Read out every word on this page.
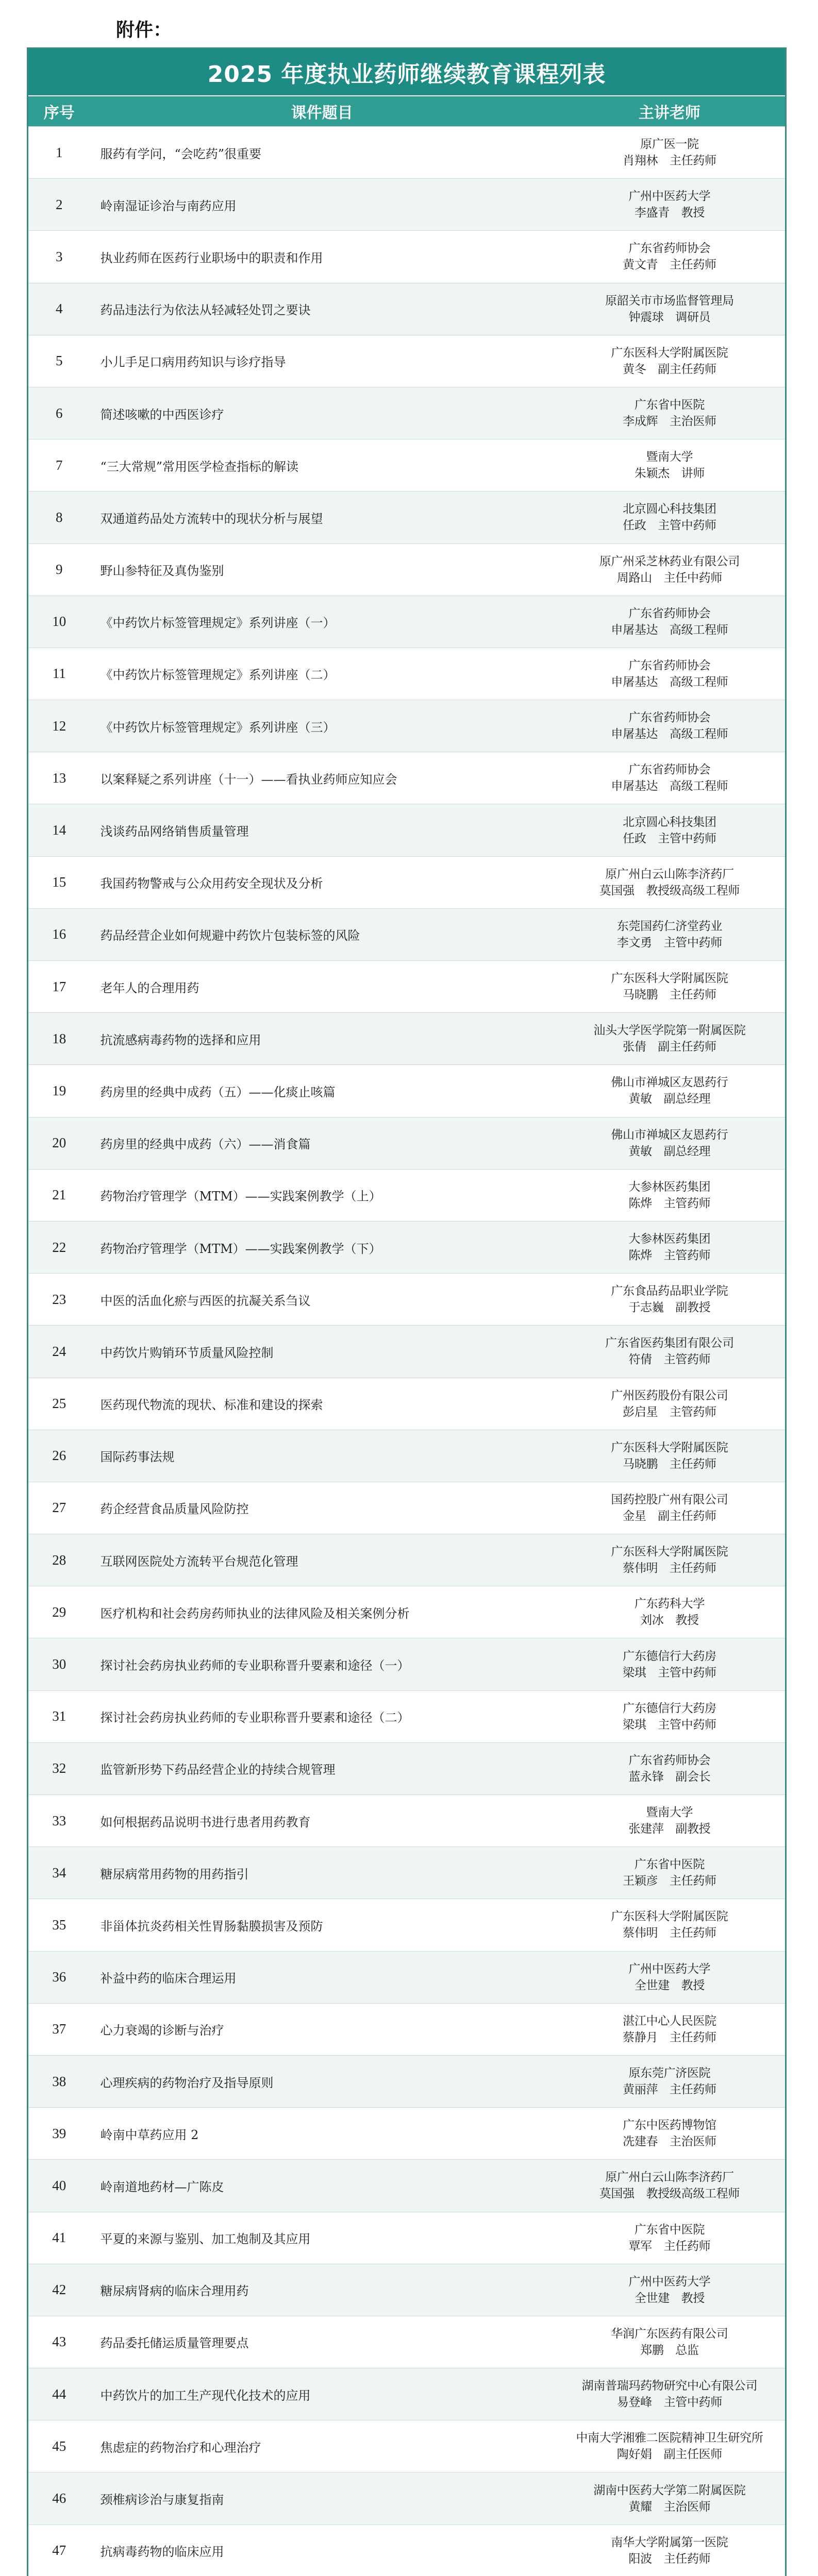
附件：
2025 年度执业药师继续教育课程列表
序号	课件题目	主讲老师
1	服药有学问，“会吃药”很重要
原广医一院
肖翔林　主任药师
2	岭南湿证诊治与南药应用
广州中医药大学
李盛青　教授
3	执业药师在医药行业职场中的职责和作用
广东省药师协会
黄文青　主任药师
4	药品违法行为依法从轻减轻处罚之要诀
原韶关市市场监督管理局
钟震球　调研员
5	小儿手足口病用药知识与诊疗指导
广东医科大学附属医院
黄冬　副主任药师
6	简述咳嗽的中西医诊疗
广东省中医院
李成辉　主治医师
7	“三大常规”常用医学检查指标的解读
暨南大学
朱颖杰　讲师
8	双通道药品处方流转中的现状分析与展望
北京圆心科技集团
任政　主管中药师
9	野山参特征及真伪鉴别
原广州采芝林药业有限公司
周路山　主任中药师
10	《中药饮片标签管理规定》系列讲座（一）
广东省药师协会
申屠基达　高级工程师
11	《中药饮片标签管理规定》系列讲座（二）
广东省药师协会
申屠基达　高级工程师
12	《中药饮片标签管理规定》系列讲座（三）
广东省药师协会
申屠基达　高级工程师
13	以案释疑之系列讲座（十一）——看执业药师应知应会
广东省药师协会
申屠基达　高级工程师
14	浅谈药品网络销售质量管理
北京圆心科技集团
任政　主管中药师
15	我国药物警戒与公众用药安全现状及分析
原广州白云山陈李济药厂
莫国强　教授级高级工程师
16	药品经营企业如何规避中药饮片包装标签的风险
东莞国药仁济堂药业
李文勇　主管中药师
17	老年人的合理用药
广东医科大学附属医院
马晓鹏　主任药师
18	抗流感病毒药物的选择和应用
汕头大学医学院第一附属医院
张倩　副主任药师
19	药房里的经典中成药（五）——化痰止咳篇
佛山市禅城区友恩药行
黄敏　副总经理
20	药房里的经典中成药（六）——消食篇
佛山市禅城区友恩药行
黄敏　副总经理
21	药物治疗管理学（MTM）——实践案例教学（上）
大参林医药集团
陈烨　主管药师
22	药物治疗管理学（MTM）——实践案例教学（下）
大参林医药集团
陈烨　主管药师
23	中医的活血化瘀与西医的抗凝关系刍议
广东食品药品职业学院
于志巍　副教授
24	中药饮片购销环节质量风险控制
广东省医药集团有限公司
符倩　主管药师
25	医药现代物流的现状、标准和建设的探索
广州医药股份有限公司
彭启星　主管药师
26	国际药事法规
广东医科大学附属医院
马晓鹏　主任药师
27	药企经营食品质量风险防控
国药控股广州有限公司
金星　副主任药师
28	互联网医院处方流转平台规范化管理
广东医科大学附属医院
蔡伟明　主任药师
29	医疗机构和社会药房药师执业的法律风险及相关案例分析
广东药科大学
刘冰　教授
30	探讨社会药房执业药师的专业职称晋升要素和途径（一）
广东德信行大药房
梁琪　主管中药师
31	探讨社会药房执业药师的专业职称晋升要素和途径（二）
广东德信行大药房
梁琪　主管中药师
32	监管新形势下药品经营企业的持续合规管理
广东省药师协会
蓝永锋　副会长
33	如何根据药品说明书进行患者用药教育
暨南大学
张建萍　副教授
34	糖尿病常用药物的用药指引
广东省中医院
王颖彦　主任药师
35	非甾体抗炎药相关性胃肠黏膜损害及预防
广东医科大学附属医院
蔡伟明　主任药师
36	补益中药的临床合理运用
广州中医药大学
全世建　教授
37	心力衰竭的诊断与治疗
湛江中心人民医院
蔡静月　主任药师
38	心理疾病的药物治疗及指导原则
原东莞广济医院
黄丽萍　主任药师
39	岭南中草药应用 2
广东中医药博物馆
冼建春　主治医师
40	岭南道地药材—广陈皮
原广州白云山陈李济药厂
莫国强　教授级高级工程师
41	平夏的来源与鉴别、加工炮制及其应用
广东省中医院
覃军　主任药师
42	糖尿病肾病的临床合理用药
广州中医药大学
全世建　教授
43	药品委托储运质量管理要点
华润广东医药有限公司
郑鹏　总监
44	中药饮片的加工生产现代化技术的应用
湖南普瑞玛药物研究中心有限公司
易登峰　主管中药师
45	焦虑症的药物治疗和心理治疗
中南大学湘雅二医院精神卫生研究所
陶好娟　副主任医师
46	颈椎病诊治与康复指南
湖南中医药大学第二附属医院
黄耀　主治医师
47	抗病毒药物的临床应用
南华大学附属第一医院
阳波　主任药师
